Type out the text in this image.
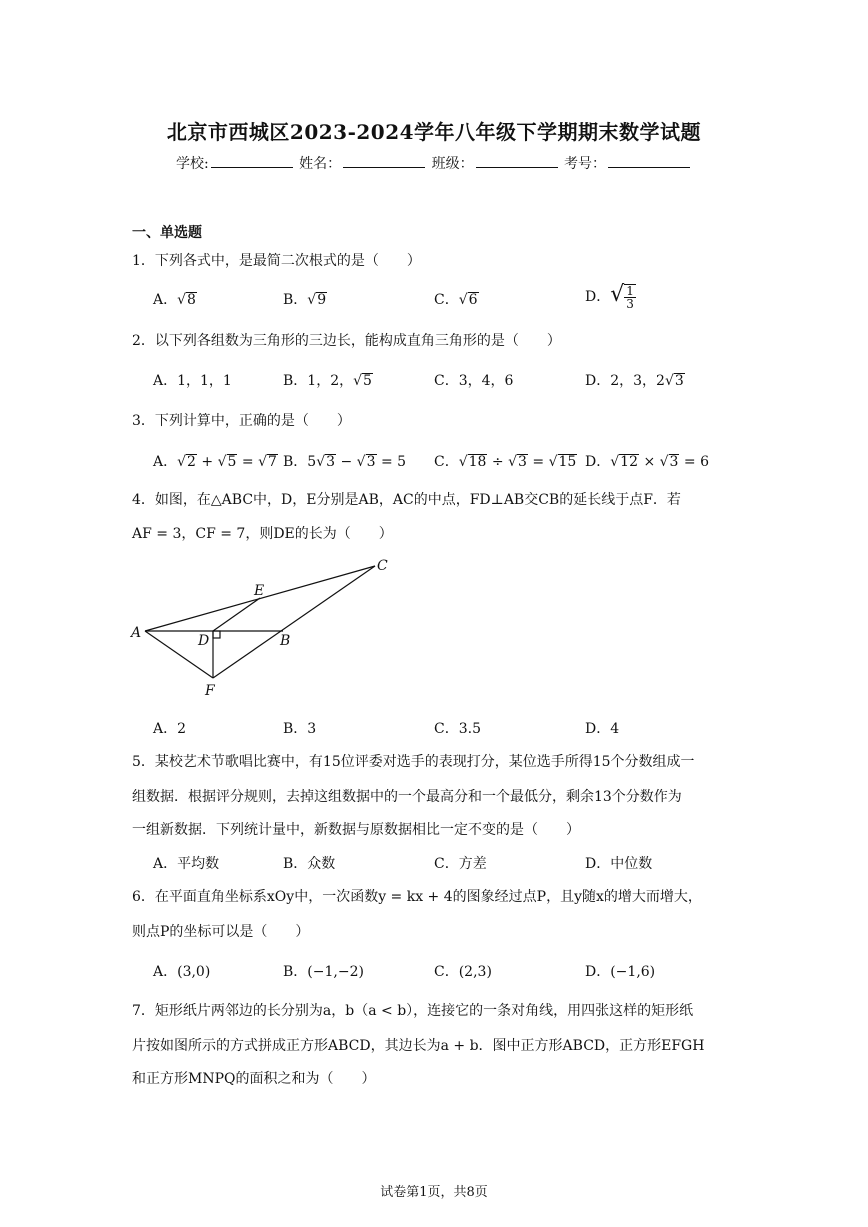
北京市西城区2023-2024学年八年级下学期期末数学试题
学校:	姓名：	班级：	考号：
一、单选题
1．下列各式中，是最简二次根式的是（　　）
A．√8	B．√9	C．√6	D．√ $\frac{1}{3}$
2．以下列各组数为三角形的三边长，能构成直角三角形的是（　　）
A．1，1，1	B．1，2，√5	C．3，4，6	D．2，3，2√3
3．下列计算中，正确的是（　　）
A．√2 + √5 = √7 B．5√3 − √3 = 5 C．√18 ÷ √3 = √15 D．√12 × √3 = 6
4．如图，在△ABC中，D，E分别是AB，AC的中点，FD⊥AB交CB的延长线于点F．若
AF = 3，CF = 7，则DE的长为（　　）
A	B
C
D
E
F
A．2	B．3	C．3.5	D．4
5．某校艺术节歌唱比赛中，有15位评委对选手的表现打分，某位选手所得15个分数组成一
组数据．根据评分规则，去掉这组数据中的一个最高分和一个最低分，剩余13个分数作为
一组新数据．下列统计量中，新数据与原数据相比一定不变的是（　　）
A．平均数	B．众数	C．方差	D．中位数
6．在平面直角坐标系xOy中，一次函数y = kx + 4的图象经过点P，且y随x的增大而增大，
则点P的坐标可以是（　　）
A．(3,0)	B．(−1,−2)	C．(2,3)	D．(−1,6)
7．矩形纸片两邻边的长分别为a，b（a < b），连接它的一条对角线，用四张这样的矩形纸
片按如图所示的方式拼成正方形ABCD，其边长为a + b．图中正方形ABCD，正方形EFGH
和正方形MNPQ的面积之和为（　　）
试卷第1页，共8页
